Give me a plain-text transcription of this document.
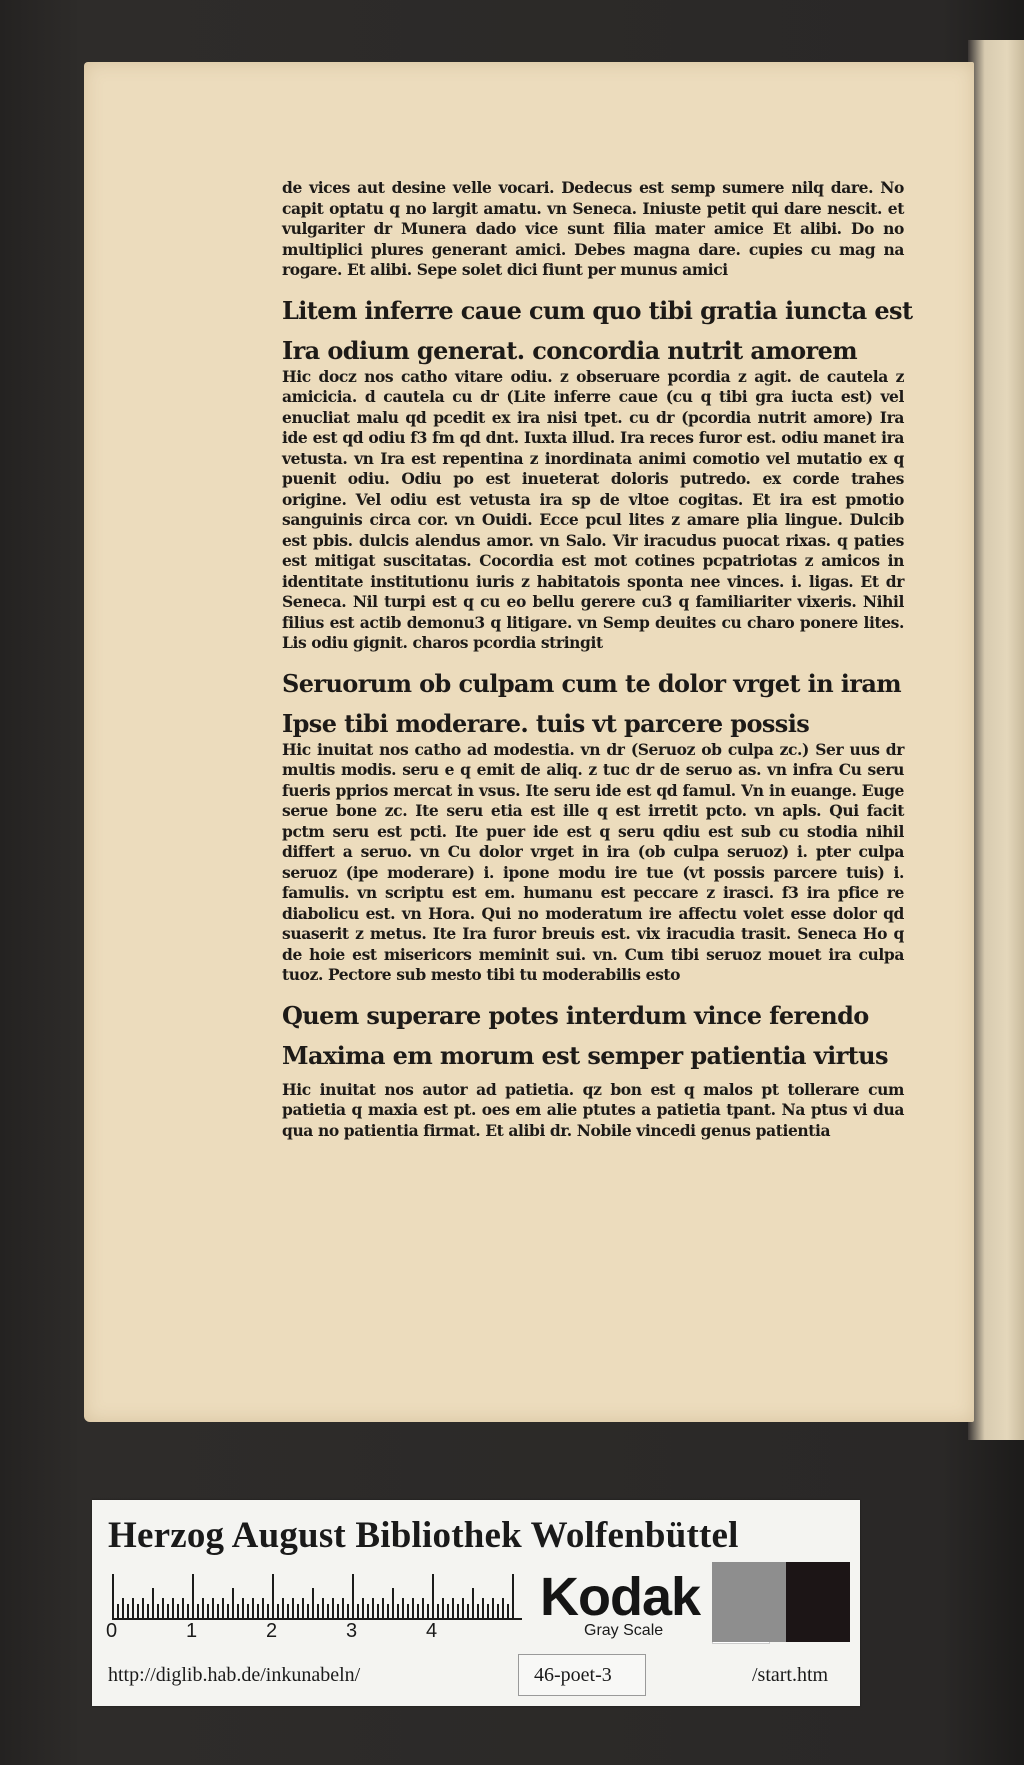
de vices aut desine velle vocari. Dedecus est semp sumere nilq dare. No capit optatu q no largit amatu. vn Seneca. Iniuste petit qui dare nescit. et vulgariter dr Munera dado vice sunt filia mater amice Et alibi. Do no multiplici plures generant amici. Debes magna dare. cupies cu mag na rogare. Et alibi. Sepe solet dici fiunt per munus amici

Litem inferre caue cum quo tibi gratia iuncta est

Ira odium generat. concordia nutrit amorem

Hic docz nos catho vitare odiu. z obseruare pcordia z agit. de cautela z amicicia. d cautela cu dr (Lite inferre caue (cu q tibi gra iucta est) vel enucliat malu qd pcedit ex ira nisi tpet. cu dr (pcordia nutrit amore) Ira ide est qd odiu f3 fm qd dnt. Iuxta illud. Ira reces furor est. odiu manet ira vetusta. vn Ira est repentina z inordinata animi comotio vel mutatio ex q puenit odiu. Odiu po est inueterat doloris putredo. ex corde trahes origine. Vel odiu est vetusta ira sp de vltoe cogitas. Et ira est pmotio sanguinis circa cor. vn Ouidi. Ecce pcul lites z amare plia lingue. Dulcib est pbis. dulcis alendus amor. vn Salo. Vir iracudus puocat rixas. q paties est mitigat suscitatas. Cocordia est mot cotines pcpatriotas z amicos in identitate institutionu iuris z habitatois sponta nee vinces. i. ligas. Et dr Seneca. Nil turpi est q cu eo bellu gerere cu3 q familiariter vixeris. Nihil filius est actib demonu3 q litigare. vn Semp deuites cu charo ponere lites. Lis odiu gignit. charos pcordia stringit

Seruorum ob culpam cum te dolor vrget in iram

Ipse tibi moderare. tuis vt parcere possis

Hic inuitat nos catho ad modestia. vn dr (Seruoz ob culpa zc.) Ser uus dr multis modis. seru e q emit de aliq. z tuc dr de seruo as. vn infra Cu seru fueris pprios mercat in vsus. Ite seru ide est qd famul. Vn in euange. Euge serue bone zc. Ite seru etia est ille q est irretit pcto. vn apls. Qui facit pctm seru est pcti. Ite puer ide est q seru qdiu est sub cu stodia nihil differt a seruo. vn Cu dolor vrget in ira (ob culpa seruoz) i. pter culpa seruoz (ipe moderare) i. ipone modu ire tue (vt possis parcere tuis) i. famulis. vn scriptu est em. humanu est peccare z irasci. f3 ira pfice re diabolicu est. vn Hora. Qui no moderatum ire affectu volet esse dolor qd suaserit z metus. Ite Ira furor breuis est. vix iracudia trasit. Seneca Ho q de hoie est misericors meminit sui. vn. Cum tibi seruoz mouet ira culpa tuoz. Pectore sub mesto tibi tu moderabilis esto

Quem superare potes interdum vince ferendo

Maxima em morum est semper patientia virtus

Hic inuitat nos autor ad patietia. qz bon est q malos pt tollerare cum patietia q maxia est pt. oes em alie ptutes a patietia tpant. Na ptus vi dua qua no patientia firmat. Et alibi dr. Nobile vincedi genus patientia

Herzog August Bibliothek Wolfenbüttel
0	1	2	3	4
Kodak
Gray Scale
http://diglib.hab.de/inkunabeln/	46-poet-3	/start.htm
